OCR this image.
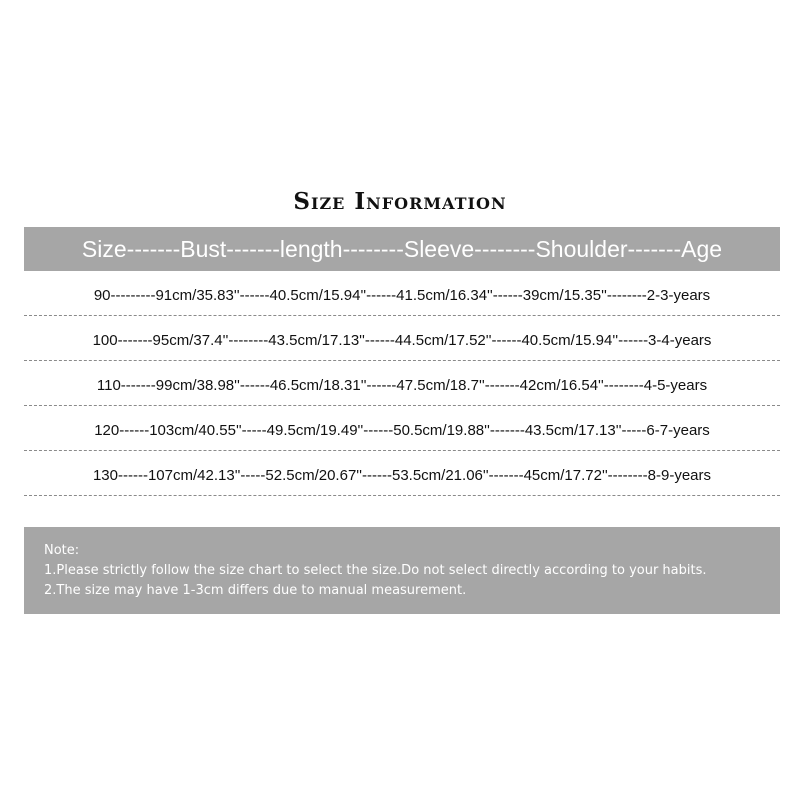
Size Information
Size-------Bust-------length--------Sleeve--------Shoulder-------Age
90---------91cm/35.83''------40.5cm/15.94''------41.5cm/16.34''------39cm/15.35''--------2-3-years
100-------95cm/37.4''--------43.5cm/17.13''------44.5cm/17.52''------40.5cm/15.94''------3-4-years
110-------99cm/38.98''------46.5cm/18.31''------47.5cm/18.7''-------42cm/16.54''--------4-5-years
120------103cm/40.55''-----49.5cm/19.49''------50.5cm/19.88''-------43.5cm/17.13''-----6-7-years
130------107cm/42.13''-----52.5cm/20.67''------53.5cm/21.06''-------45cm/17.72''--------8-9-years
Note:
1.Please strictly follow the size chart to select the size.Do not select directly according to your habits.
2.The size may have 1-3cm differs due to manual measurement.
